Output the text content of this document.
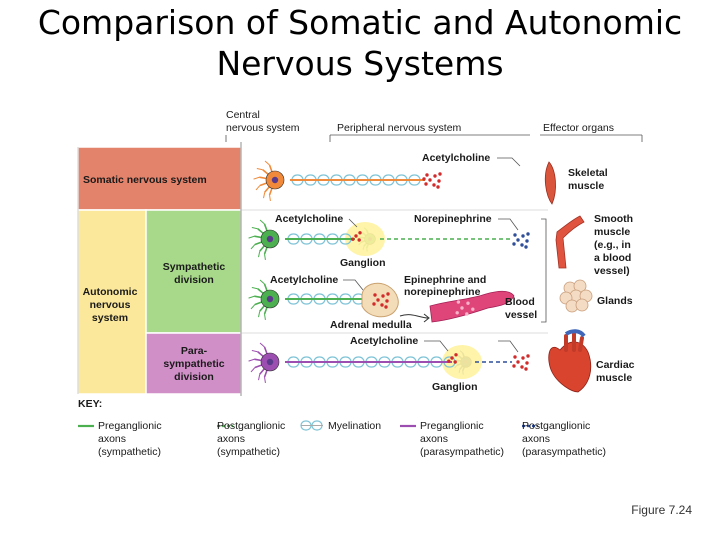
Comparison of Somatic and Autonomic
Nervous Systems
Central
nervous system	Peripheral nervous system	Effector organs
Somatic nervous system
Autonomic
nervous
system
Sympathetic
division
Para-
sympathetic
division
Acetylcholine
Skeletal
muscle
Acetylcholine	Norepinephrine
Ganglion
Smooth
muscle
(e.g., in
a blood
vessel)
Acetylcholine	Epinephrine and
norepinephrine
Adrenal medulla
Blood
vessel
Glands
Acetylcholine
Ganglion
Cardiac
muscle
KEY:
Preganglionic
axons
(sympathetic)
Postganglionic
axons
(sympathetic)
Myelination	Preganglionic
axons
(parasympathetic)
Postganglionic
axons
(parasympathetic)
Figure 7.24
